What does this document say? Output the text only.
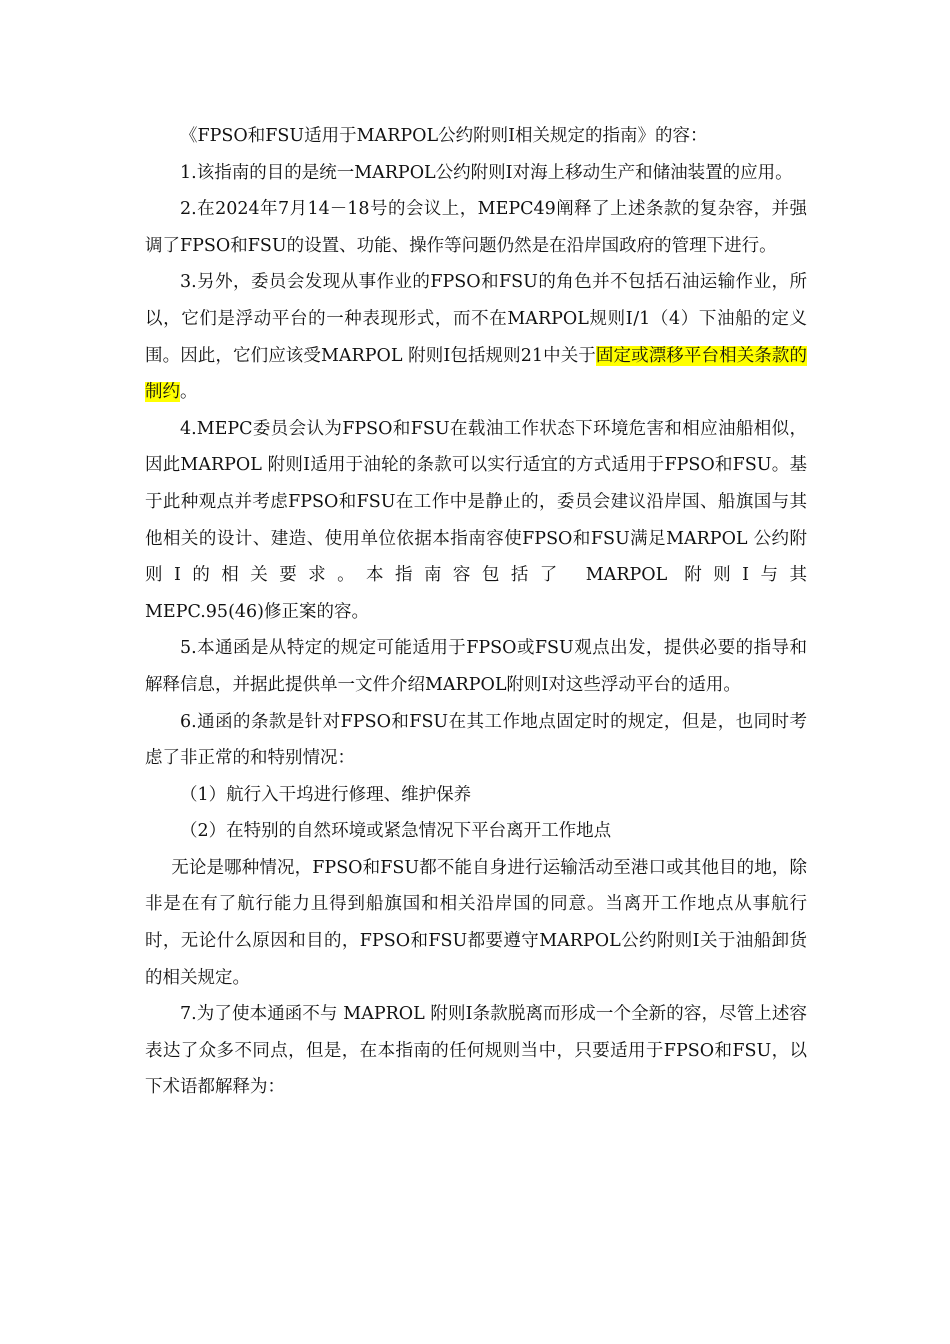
《FPSO和FSU适用于MARPOL公约附则Ⅰ相关规定的指南》的容：

1.该指南的目的是统一MARPOL公约附则Ⅰ对海上移动生产和储油装置的应用。

2.在2024年7月14－18号的会议上，MEPC49阐释了上述条款的复杂容，并强调了FPSO和FSU的设置、功能、操作等问题仍然是在沿岸国政府的管理下进行。

3.另外，委员会发现从事作业的FPSO和FSU的角色并不包括石油运输作业，所以，它们是浮动平台的一种表现形式，而不在MARPOL规则Ⅰ/1（4）下油船的定义围。因此，它们应该受MARPOL 附则Ⅰ包括规则21中关于固定或漂移平台相关条款的制约。

4.MEPC委员会认为FPSO和FSU在载油工作状态下环境危害和相应油船相似，因此MARPOL 附则Ⅰ适用于油轮的条款可以实行适宜的方式适用于FPSO和FSU。基于此种观点并考虑FPSO和FSU在工作中是静止的，委员会建议沿岸国、船旗国与其他相关的设计、建造、使用单位依据本指南容使FPSO和FSU满足MARPOL 公约附则Ⅰ的相关要求。本指南容包括了 MARPOL 附则Ⅰ与其

MEPC.95(46)修正案的容。

5.本通函是从特定的规定可能适用于FPSO或FSU观点出发，提供必要的指导和解释信息，并据此提供单一文件介绍MARPOL附则Ⅰ对这些浮动平台的适用。

6.通函的条款是针对FPSO和FSU在其工作地点固定时的规定，但是，也同时考虑了非正常的和特别情况：

（1）航行入干坞进行修理、维护保养

（2）在特别的自然环境或紧急情况下平台离开工作地点

无论是哪种情况，FPSO和FSU都不能自身进行运输活动至港口或其他目的地，除非是在有了航行能力且得到船旗国和相关沿岸国的同意。当离开工作地点从事航行时，无论什么原因和目的，FPSO和FSU都要遵守MARPOL公约附则Ⅰ关于油船卸货的相关规定。

7.为了使本通函不与 MAPROL 附则Ⅰ条款脱离而形成一个全新的容，尽管上述容表达了众多不同点，但是，在本指南的任何规则当中，只要适用于FPSO和FSU，以下术语都解释为：
